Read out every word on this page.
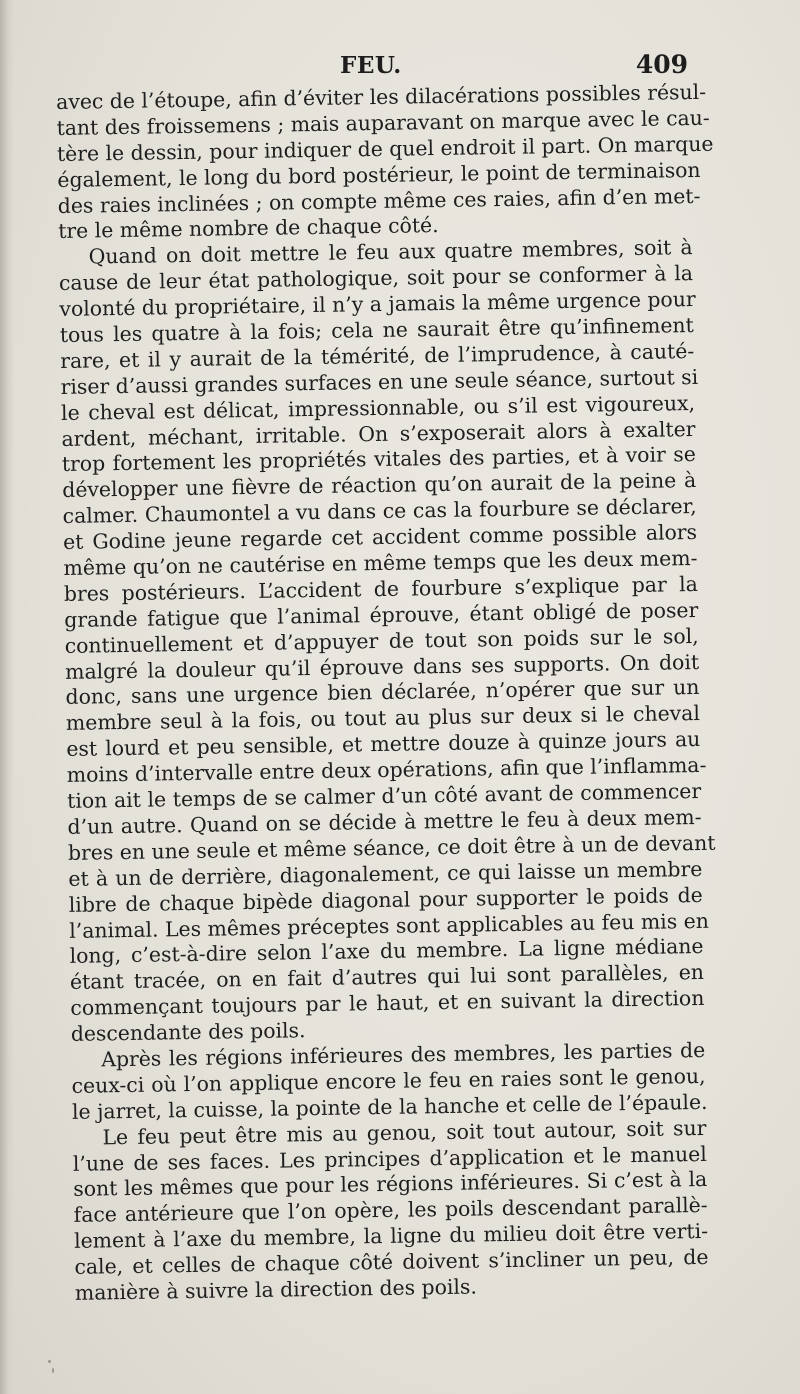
FEU.	409
avec de l’étoupe, afin d’éviter les dilacérations possibles résul-
tant des froissemens ; mais auparavant on marque avec le cau-
tère le dessin, pour indiquer de quel endroit il part. On marque
également, le long du bord postérieur, le point de terminaison
des raies inclinées ; on compte même ces raies, afin d’en met-
tre le même nombre de chaque côté.
Quand on doit mettre le feu aux quatre membres, soit à
cause de leur état pathologique, soit pour se conformer à la
volonté du propriétaire, il n’y a jamais la même urgence pour
tous les quatre à la fois; cela ne saurait être qu’infinement
rare, et il y aurait de la témérité, de l’imprudence, à cauté-
riser d’aussi grandes surfaces en une seule séance, surtout si
le cheval est délicat, impressionnable, ou s’il est vigoureux,
ardent, méchant, irritable. On s’exposerait alors à exalter
trop fortement les propriétés vitales des parties, et à voir se
développer une fièvre de réaction qu’on aurait de la peine à
calmer. Chaumontel a vu dans ce cas la fourbure se déclarer,
et Godine jeune regarde cet accident comme possible alors
même qu’on ne cautérise en même temps que les deux mem-
bres postérieurs. L’accident de fourbure s’explique par la
grande fatigue que l’animal éprouve, étant obligé de poser
continuellement et d’appuyer de tout son poids sur le sol,
malgré la douleur qu’il éprouve dans ses supports. On doit
donc, sans une urgence bien déclarée, n’opérer que sur un
membre seul à la fois, ou tout au plus sur deux si le cheval
est lourd et peu sensible, et mettre douze à quinze jours au
moins d’intervalle entre deux opérations, afin que l’inflamma-
tion ait le temps de se calmer d’un côté avant de commencer
d’un autre. Quand on se décide à mettre le feu à deux mem-
bres en une seule et même séance, ce doit être à un de devant
et à un de derrière, diagonalement, ce qui laisse un membre
libre de chaque bipède diagonal pour supporter le poids de
l’animal. Les mêmes préceptes sont applicables au feu mis en
long, c’est-à-dire selon l’axe du membre. La ligne médiane
étant tracée, on en fait d’autres qui lui sont parallèles, en
commençant toujours par le haut, et en suivant la direction
descendante des poils.
Après les régions inférieures des membres, les parties de
ceux-ci où l’on applique encore le feu en raies sont le genou,
le jarret, la cuisse, la pointe de la hanche et celle de l’épaule.
Le feu peut être mis au genou, soit tout autour, soit sur
l’une de ses faces. Les principes d’application et le manuel
sont les mêmes que pour les régions inférieures. Si c’est à la
face antérieure que l’on opère, les poils descendant parallè-
lement à l’axe du membre, la ligne du milieu doit être verti-
cale, et celles de chaque côté doivent s’incliner un peu, de
manière à suivre la direction des poils.
